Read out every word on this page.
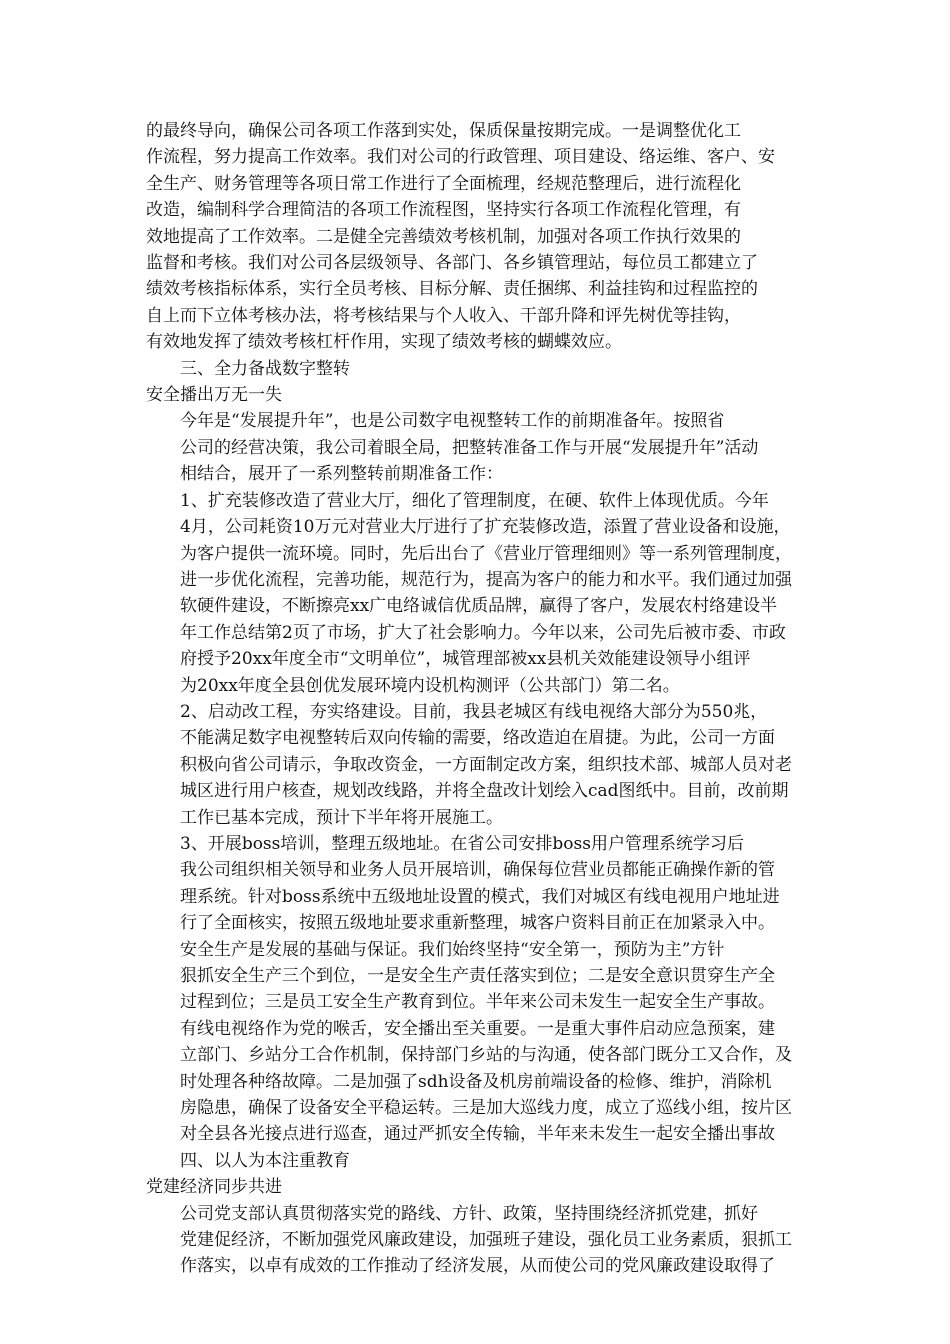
的最终导向，确保公司各项工作落到实处，保质保量按期完成。一是调整优化工
作流程，努力提高工作效率。我们对公司的行政管理、项目建设、络运维、客户、安
全生产、财务管理等各项日常工作进行了全面梳理，经规范整理后，进行流程化
改造，编制科学合理简洁的各项工作流程图，坚持实行各项工作流程化管理，有
效地提高了工作效率。二是健全完善绩效考核机制，加强对各项工作执行效果的
监督和考核。我们对公司各层级领导、各部门、各乡镇管理站，每位员工都建立了
绩效考核指标体系，实行全员考核、目标分解、责任捆绑、利益挂钩和过程监控的
自上而下立体考核办法，将考核结果与个人收入、干部升降和评先树优等挂钩，
有效地发挥了绩效考核杠杆作用，实现了绩效考核的蝴蝶效应。
三、全力备战数字整转
安全播出万无一失
今年是“发展提升年”，也是公司数字电视整转工作的前期准备年。按照省
公司的经营决策，我公司着眼全局，把整转准备工作与开展“发展提升年”活动
相结合，展开了一系列整转前期准备工作：
1、扩充装修改造了营业大厅，细化了管理制度，在硬、软件上体现优质。今年
4月，公司耗资10万元对营业大厅进行了扩充装修改造，添置了营业设备和设施，
为客户提供一流环境。同时，先后出台了《营业厅管理细则》等一系列管理制度，
进一步优化流程，完善功能，规范行为，提高为客户的能力和水平。我们通过加强
软硬件建设，不断擦亮xx广电络诚信优质品牌，赢得了客户，发展农村络建设半
年工作总结第2页了市场，扩大了社会影响力。今年以来，公司先后被市委、市政
府授予20xx年度全市“文明单位”，城管理部被xx县机关效能建设领导小组评
为20xx年度全县创优发展环境内设机构测评（公共部门）第二名。
2、启动改工程，夯实络建设。目前，我县老城区有线电视络大部分为550兆，
不能满足数字电视整转后双向传输的需要，络改造迫在眉捷。为此，公司一方面
积极向省公司请示，争取改资金，一方面制定改方案，组织技术部、城部人员对老
城区进行用户核查，规划改线路，并将全盘改计划绘入cad图纸中。目前，改前期
工作已基本完成，预计下半年将开展施工。
3、开展boss培训，整理五级地址。在省公司安排boss用户管理系统学习后
我公司组织相关领导和业务人员开展培训，确保每位营业员都能正确操作新的管
理系统。针对boss系统中五级地址设置的模式，我们对城区有线电视用户地址进
行了全面核实，按照五级地址要求重新整理，城客户资料目前正在加紧录入中。
安全生产是发展的基础与保证。我们始终坚持“安全第一，预防为主”方针
狠抓安全生产三个到位，一是安全生产责任落实到位；二是安全意识贯穿生产全
过程到位；三是员工安全生产教育到位。半年来公司未发生一起安全生产事故。
有线电视络作为党的喉舌，安全播出至关重要。一是重大事件启动应急预案，建
立部门、乡站分工合作机制，保持部门乡站的与沟通，使各部门既分工又合作，及
时处理各种络故障。二是加强了sdh设备及机房前端设备的检修、维护，消除机
房隐患，确保了设备安全平稳运转。三是加大巡线力度，成立了巡线小组，按片区
对全县各光接点进行巡查，通过严抓安全传输，半年来未发生一起安全播出事故
四、以人为本注重教育
党建经济同步共进
公司党支部认真贯彻落实党的路线、方针、政策，坚持围绕经济抓党建，抓好
党建促经济，不断加强党风廉政建设，加强班子建设，强化员工业务素质，狠抓工
作落实，以卓有成效的工作推动了经济发展，从而使公司的党风廉政建设取得了
